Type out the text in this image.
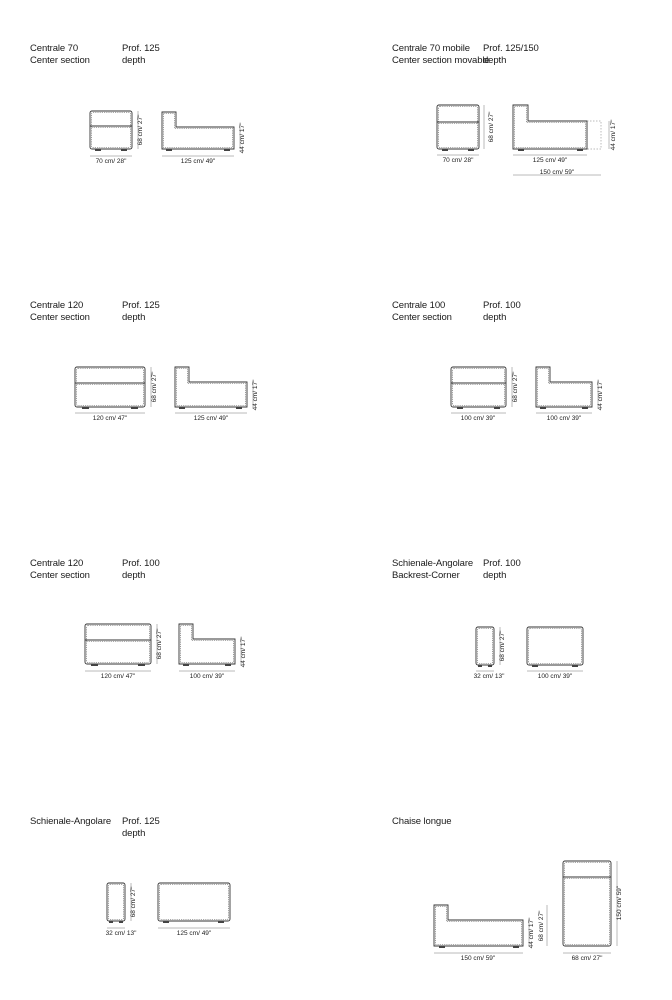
Centrale 70
Center section
Prof. 125
depth
Centrale 70 mobile
Center section movable
Prof. 125/150
depth
Centrale 120
Center section
Prof. 125
depth
Centrale 100
Center section
Prof. 100
depth
Centrale 120
Center section
Prof. 100
depth
Schienale-Angolare
Backrest-Corner
Prof. 100
depth
Schienale-Angolare Prof. 125
depth
Chaise longue
70 cm/ 28"	125 cm/ 49"
68 cm/ 27"	44 cm/ 17"
70 cm/ 28"	125 cm/ 49"
150 cm/ 59"
68 cm/ 27"	44 cm/ 17"
120 cm/ 47"	125 cm/ 49"
68 cm/ 27"	44 cm/ 17"
100 cm/ 39"	100 cm/ 39"
68 cm/ 27"	44 cm/ 17"
120 cm/ 47"	100 cm/ 39"
68 cm/ 27"	44 cm/ 17"
32 cm/ 13"	100 cm/ 39"
68 cm/ 27"
32 cm/ 13"	125 cm/ 49"
68 cm/ 27"
150 cm/ 59"	68 cm/ 27"
44 cm/ 17" 68 cm/ 27"
150 cm/ 59"
